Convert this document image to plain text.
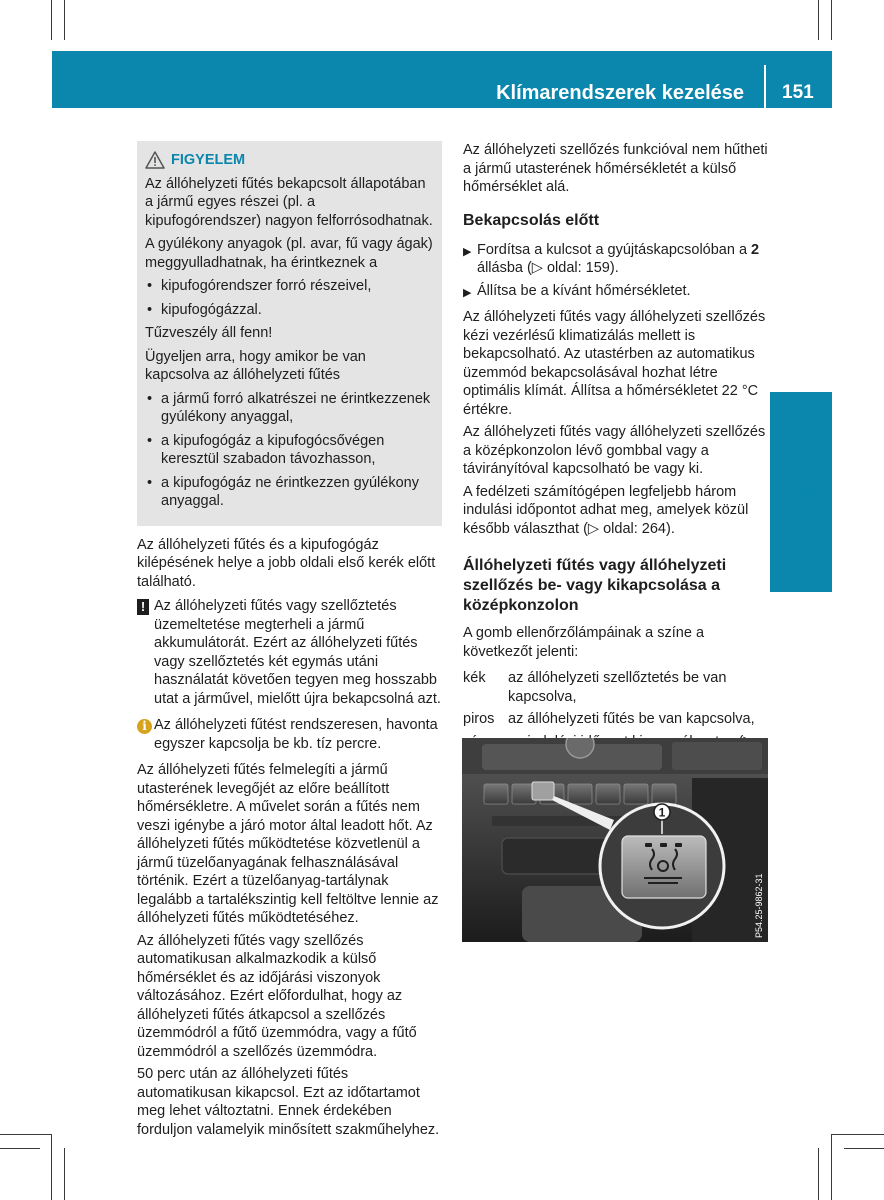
Klímarendszerek kezelése 151
Klimatizálás
FIGYELEM

Az állóhelyzeti fűtés bekapcsolt állapotában a jármű egyes részei (pl. a kipufogórendszer) nagyon felforrósodhatnak.

A gyúlékony anyagok (pl. avar, fű vagy ágak) meggyulladhatnak, ha érintkeznek a

• kipufogórendszer forró részeivel,
• kipufogógázzal.

Tűzveszély áll fenn!

Ügyeljen arra, hogy amikor be van kapcsolva az állóhelyzeti fűtés

• a jármű forró alkatrészei ne érintkezzenek gyúlékony anyaggal,
• a kipufogógáz a kipufogócsővégen keresztül szabadon távozhasson,
• a kipufogógáz ne érintkezzen gyúlékony anyaggal.

Az állóhelyzeti fűtés és a kipufogógáz kilépésének helye a jobb oldali első kerék előtt található.

! Az állóhelyzeti fűtés vagy szellőztetés üzemeltetése megterheli a jármű akkumulátorát. Ezért az állóhelyzeti fűtés vagy szellőztetés két egymás utáni használatát követően tegyen meg hosszabb utat a járművel, mielőtt újra bekapcsolná azt.
i Az állóhelyzeti fűtést rendszeresen, havonta egyszer kapcsolja be kb. tíz percre.

Az állóhelyzeti fűtés felmelegíti a jármű utasterének levegőjét az előre beállított hőmérsékletre. A művelet során a fűtés nem veszi igénybe a járó motor által leadott hőt. Az állóhelyzeti fűtés működtetése közvetlenül a jármű tüzelőanyagának felhasználásával történik. Ezért a tüzelőanyag-tartálynak legalább a tartalékszintig kell feltöltve lennie az állóhelyzeti fűtés működtetéséhez.

Az állóhelyzeti fűtés vagy szellőzés automatikusan alkalmazkodik a külső hőmérséklet és az időjárási viszonyok változásához. Ezért előfordulhat, hogy az állóhelyzeti fűtés átkapcsol a szellőzés üzemmódról a fűtő üzemmódra, vagy a fűtő üzemmódról a szellőzés üzemmódra.

50 perc után az állóhelyzeti fűtés automatikusan kikapcsol. Ezt az időtartamot meg lehet változtatni. Ennek érdekében forduljon valamelyik minősített szakműhelyhez.

Az állóhelyzeti szellőzés funkcióval nem hűtheti a jármű utasterének hőmérsékletét a külső hőmérséklet alá.

Bekapcsolás előtt
▶ Fordítsa a kulcsot a gyújtáskapcsolóban a 2 állásba (▷ oldal: 159).
▶ Állítsa be a kívánt hőmérsékletet.

Az állóhelyzeti fűtés vagy állóhelyzeti szellőzés kézi vezérlésű klimatizálás mellett is bekapcsolható. Az utastérben az automatikus üzemmód bekapcsolásával hozhat létre optimális klímát. Állítsa a hőmérsékletet 22 °C értékre.

Az állóhelyzeti fűtés vagy állóhelyzeti szellőzés a középkonzolon lévő gombbal vagy a távirányítóval kapcsolható be vagy ki.

A fedélzeti számítógépen legfeljebb három indulási időpontot adhat meg, amelyek közül később választhat (▷ oldal: 264).

Állóhelyzeti fűtés vagy állóhelyzeti szellőzés be- vagy kikapcsolása a középkonzolon

A gomb ellenőrzőlámpáinak a színe a következőt jelenti:

kék	az állóhelyzeti szellőztetés be van kapcsolva,
piros az állóhelyzeti fűtés be van kapcsolva,
1
P54.25-9862-31
